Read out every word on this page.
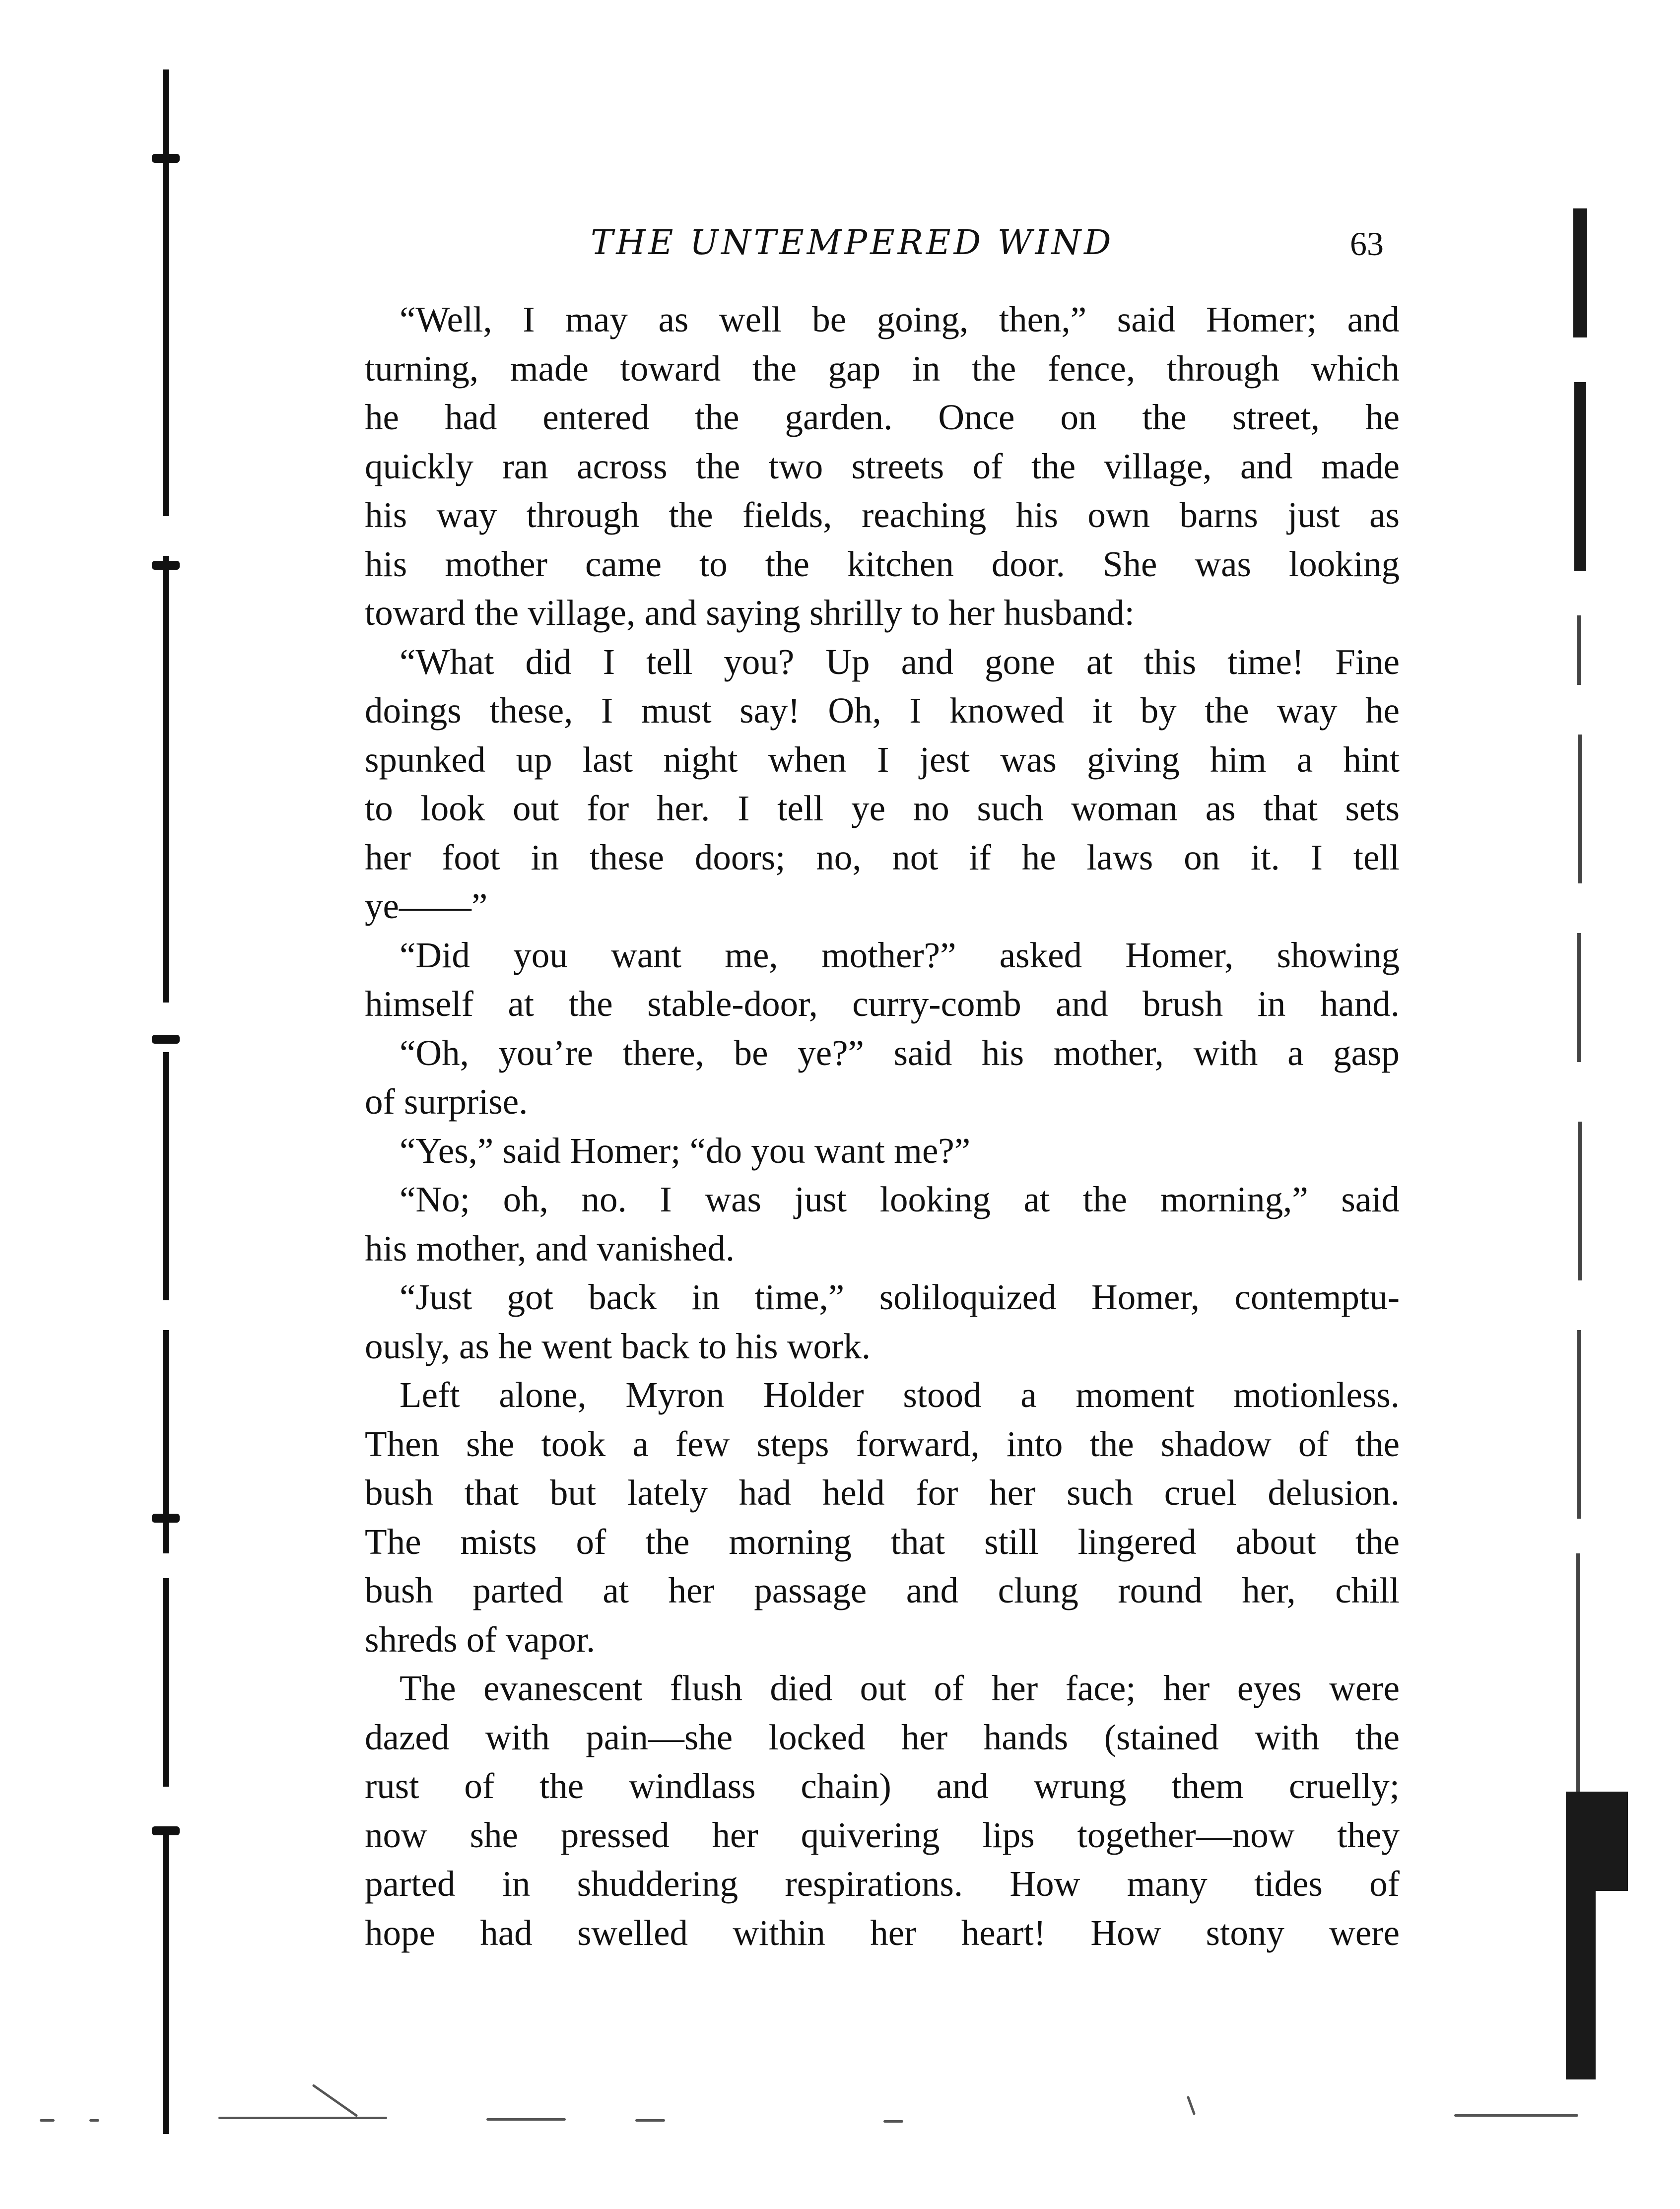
THE UNTEMPERED WIND	63
“Well, I may as well be going, then,” said Homer; and
turning, made toward the gap in the fence, through which
he had entered the garden. Once on the street, he
quickly ran across the two streets of the village, and made
his way through the fields, reaching his own barns just as
his mother came to the kitchen door. She was looking
toward the village, and saying shrilly to her husband:
“What did I tell you? Up and gone at this time! Fine
doings these, I must say! Oh, I knowed it by the way he
spunked up last night when I jest was giving him a hint
to look out for her. I tell ye no such woman as that sets
her foot in these doors; no, not if he laws on it. I tell
ye——”
“Did you want me, mother?” asked Homer, showing
himself at the stable-door, curry-comb and brush in hand.
“Oh, you’re there, be ye?” said his mother, with a gasp
of surprise.
“Yes,” said Homer; “do you want me?”
“No; oh, no. I was just looking at the morning,” said
his mother, and vanished.
“Just got back in time,” soliloquized Homer, contemptu-
ously, as he went back to his work.
Left alone, Myron Holder stood a moment motionless.
Then she took a few steps forward, into the shadow of the
bush that but lately had held for her such cruel delusion.
The mists of the morning that still lingered about the
bush parted at her passage and clung round her, chill
shreds of vapor.
The evanescent flush died out of her face; her eyes were
dazed with pain—she locked her hands (stained with the
rust of the windlass chain) and wrung them cruelly;
now she pressed her quivering lips together—now they
parted in shuddering respirations. How many tides of
hope had swelled within her heart! How stony were
